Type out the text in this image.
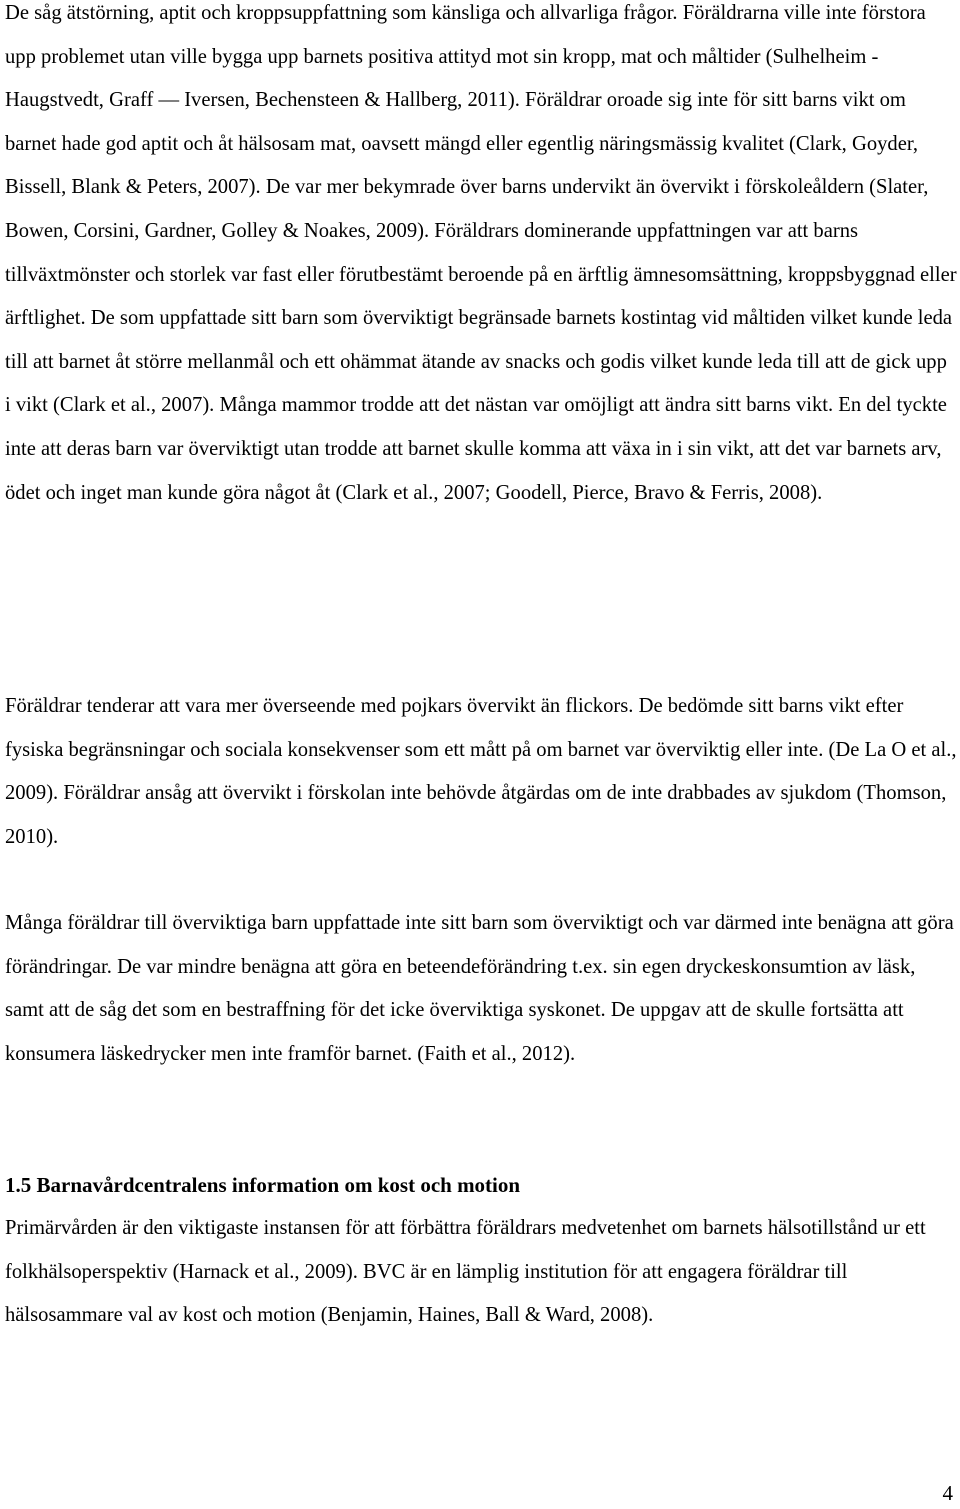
De såg ätstörning, aptit och kroppsuppfattning som känsliga och allvarliga frågor. Föräldrarna ville inte förstora upp problemet utan ville bygga upp barnets positiva attityd mot sin kropp, mat och måltider (Sulhelheim - Haugstvedt, Graff — Iversen, Bechensteen & Hallberg, 2011). Föräldrar oroade sig inte för sitt barns vikt om barnet hade god aptit och åt hälsosam mat, oavsett mängd eller egentlig näringsmässig kvalitet (Clark, Goyder, Bissell, Blank & Peters, 2007). De var mer bekymrade över barns undervikt än övervikt i förskoleåldern (Slater, Bowen, Corsini, Gardner, Golley & Noakes, 2009). Föräldrars dominerande uppfattningen var att barns tillväxtmönster och storlek var fast eller förutbestämt beroende på en ärftlig ämnesomsättning, kroppsbyggnad eller ärftlighet. De som uppfattade sitt barn som överviktigt begränsade barnets kostintag vid måltiden vilket kunde leda till att barnet åt större mellanmål och ett ohämmat ätande av snacks och godis vilket kunde leda till att de gick upp i vikt (Clark et al., 2007). Många mammor trodde att det nästan var omöjligt att ändra sitt barns vikt. En del tyckte inte att deras barn var överviktigt utan trodde att barnet skulle komma att växa in i sin vikt, att det var barnets arv, ödet och inget man kunde göra något åt (Clark et al., 2007; Goodell, Pierce, Bravo & Ferris, 2008).

Föräldrar tenderar att vara mer överseende med pojkars övervikt än flickors. De bedömde sitt barns vikt efter fysiska begränsningar och sociala konsekvenser som ett mått på om barnet var överviktig eller inte. (De La O et al., 2009). Föräldrar ansåg att övervikt i förskolan inte behövde åtgärdas om de inte drabbades av sjukdom (Thomson, 2010).

Många föräldrar till överviktiga barn uppfattade inte sitt barn som överviktigt och var därmed inte benägna att göra förändringar. De var mindre benägna att göra en beteendeförändring t.ex. sin egen dryckeskonsumtion av läsk, samt att de såg det som en bestraffning för det icke överviktiga syskonet. De uppgav att de skulle fortsätta att konsumera läskedrycker men inte framför barnet. (Faith et al., 2012).

1.5 Barnavårdcentralens information om kost och motion

Primärvården är den viktigaste instansen för att förbättra föräldrars medvetenhet om barnets hälsotillstånd ur ett folkhälsoperspektiv (Harnack et al., 2009). BVC är en lämplig institution för att engagera föräldrar till hälsosammare val av kost och motion (Benjamin, Haines, Ball & Ward, 2008).

4
